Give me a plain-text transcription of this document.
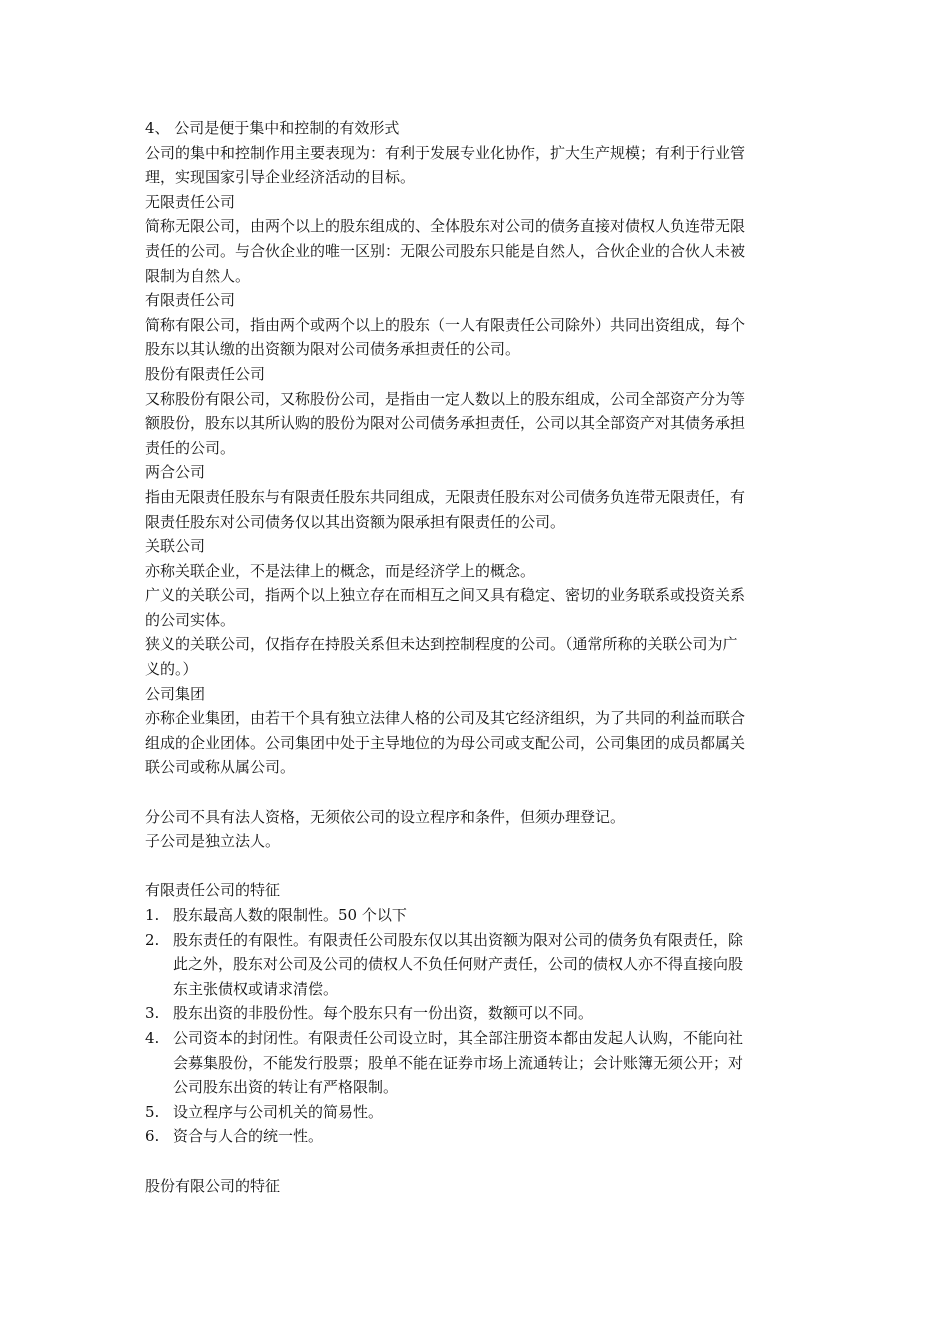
4、 公司是便于集中和控制的有效形式
公司的集中和控制作用主要表现为：有利于发展专业化协作，扩大生产规模；有利于行业管
理，实现国家引导企业经济活动的目标。
无限责任公司
简称无限公司，由两个以上的股东组成的、全体股东对公司的债务直接对债权人负连带无限
责任的公司。与合伙企业的唯一区别：无限公司股东只能是自然人，合伙企业的合伙人未被
限制为自然人。
有限责任公司
简称有限公司，指由两个或两个以上的股东（一人有限责任公司除外）共同出资组成，每个
股东以其认缴的出资额为限对公司债务承担责任的公司。
股份有限责任公司
又称股份有限公司，又称股份公司，是指由一定人数以上的股东组成，公司全部资产分为等
额股份，股东以其所认购的股份为限对公司债务承担责任，公司以其全部资产对其债务承担
责任的公司。
两合公司
指由无限责任股东与有限责任股东共同组成，无限责任股东对公司债务负连带无限责任，有
限责任股东对公司债务仅以其出资额为限承担有限责任的公司。
关联公司
亦称关联企业，不是法律上的概念，而是经济学上的概念。
广义的关联公司，指两个以上独立存在而相互之间又具有稳定、密切的业务联系或投资关系
的公司实体。
狭义的关联公司，仅指存在持股关系但未达到控制程度的公司。（通常所称的关联公司为广
义的。）
公司集团
亦称企业集团，由若干个具有独立法律人格的公司及其它经济组织，为了共同的利益而联合
组成的企业团体。公司集团中处于主导地位的为母公司或支配公司，公司集团的成员都属关
联公司或称从属公司。
分公司不具有法人资格，无须依公司的设立程序和条件，但须办理登记。
子公司是独立法人。
有限责任公司的特征
1. 股东最高人数的限制性。50 个以下
2. 股东责任的有限性。有限责任公司股东仅以其出资额为限对公司的债务负有限责任，除
此之外，股东对公司及公司的债权人不负任何财产责任，公司的债权人亦不得直接向股
东主张债权或请求清偿。
3. 股东出资的非股份性。每个股东只有一份出资，数额可以不同。
4. 公司资本的封闭性。有限责任公司设立时，其全部注册资本都由发起人认购，不能向社
会募集股份，不能发行股票；股单不能在证券市场上流通转让；会计账簿无须公开；对
公司股东出资的转让有严格限制。
5. 设立程序与公司机关的简易性。
6. 资合与人合的统一性。
股份有限公司的特征
